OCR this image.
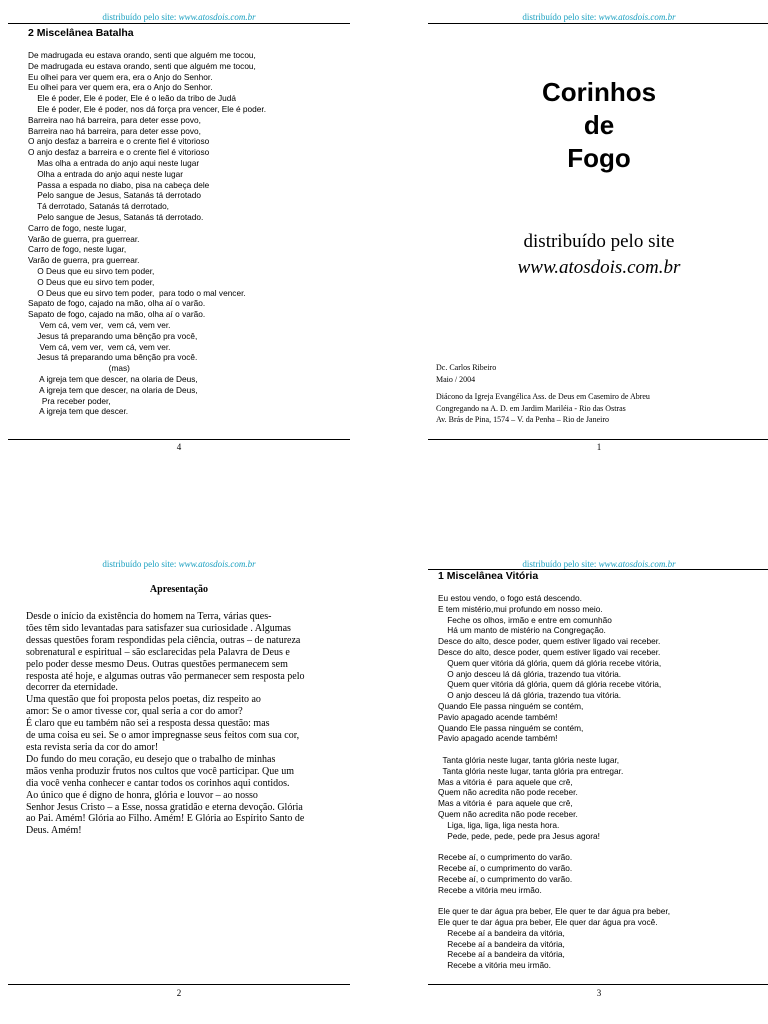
distribuído pelo site: www.atosdois.com.br
2 Miscelânea Batalha
De madrugada eu estava orando, senti que alguém me tocou,
De madrugada eu estava orando, senti que alguém me tocou,
Eu olhei para ver quem era, era o Anjo do Senhor.
Eu olhei para ver quem era, era o Anjo do Senhor.
Ele é poder, Ele é poder, Ele é o leão da tribo de Judá
Ele é poder, Ele é poder, nos dá força pra vencer, Ele é poder.
Barreira nao há barreira, para deter esse povo,
Barreira nao há barreira, para deter esse povo,
O anjo desfaz a barreira e o crente fiel é vitorioso
O anjo desfaz a barreira e o crente fiel é vitorioso
Mas olha a entrada do anjo aqui neste lugar
Olha a entrada do anjo aqui neste lugar
Passa a espada no diabo, pisa na cabeça dele
Pelo sangue de Jesus, Satanás tá derrotado
Tá derrotado, Satanás tá derrotado,
Pelo sangue de Jesus, Satanás tá derrotado.
Carro de fogo, neste lugar,
Varão de guerra, pra guerrear.
Carro de fogo, neste lugar,
Varão de guerra, pra guerrear.
O Deus que eu sirvo tem poder,
O Deus que eu sirvo tem poder,
O Deus que eu sirvo tem poder,  para todo o mal vencer.
Sapato de fogo, cajado na mão, olha aí o varão.
Sapato de fogo, cajado na mão, olha aí o varão.
Vem cá, vem ver,  vem cá, vem ver.
Jesus tá preparando uma bênção pra você,
Vem cá, vem ver,  vem cá, vem ver.
Jesus tá preparando uma bênção pra você.
(mas)
A igreja tem que descer, na olaria de Deus,
A igreja tem que descer, na olaria de Deus,
Pra receber poder,
A igreja tem que descer.
4
distribuído pelo site: www.atosdois.com.br
Corinhos
de
Fogo
distribuído pelo site
www.atosdois.com.br
Dc. Carlos Ribeiro
Maio / 2004
Diácono da Igreja Evangélica Ass. de Deus em Casemiro de Abreu
Congregando na A. D. em Jardim Mariléia - Rio das Ostras
Av. Brás de Pina, 1574 – V. da Penha – Rio de Janeiro
1
distribuído pelo site: www.atosdois.com.br
Apresentação
Desde o início da existência do homem na Terra, várias ques-
tões têm sido levantadas para satisfazer sua curiosidade . Algumas
dessas questões foram respondidas pela ciência, outras – de natureza
sobrenatural e espiritual – são esclarecidas pela Palavra de Deus e
pelo poder desse mesmo Deus. Outras questões permanecem sem
resposta até hoje, e algumas outras vão permanecer sem resposta pelo
decorrer da eternidade.
Uma questão que foi proposta pelos poetas, diz respeito ao
amor: Se o amor tivesse cor, qual seria a cor do amor?
É claro que eu também não sei a resposta dessa questão: mas
de uma coisa eu sei. Se o amor impregnasse seus feitos com sua cor,
esta revista seria da cor do amor!
Do fundo do meu coração, eu desejo que o trabalho de minhas
mãos venha produzir frutos nos cultos que você participar. Que um
dia você venha conhecer e cantar todos os corinhos aqui contidos.
Ao único que é digno de honra, glória e louvor – ao nosso
Senhor Jesus Cristo – a Esse, nossa gratidão e eterna devoção. Glória
ao Pai. Amém! Glória ao Filho. Amém! E Glória ao Espírito Santo de
Deus. Amém!
2
distribuído pelo site: www.atosdois.com.br
1 Miscelânea Vitória
Eu estou vendo, o fogo está descendo.
E tem mistério,mui profundo em nosso meio.
Feche os olhos, irmão e entre em comunhão
Há um manto de mistério na Congregação.
Desce do alto, desce poder, quem estiver ligado vai receber.
Desce do alto, desce poder, quem estiver ligado vai receber.
Quem quer vitória dá glória, quem dá glória recebe vitória,
O anjo desceu lá dá glória, trazendo tua vitória.
Quem quer vitória dá glória, quem dá glória recebe vitória,
O anjo desceu lá dá glória, trazendo tua vitória.
Quando Ele passa ninguém se contém,
Pavio apagado acende também!
Quando Ele passa ninguém se contém,
Pavio apagado acende também!
Tanta glória neste lugar, tanta glória neste lugar,
Tanta glória neste lugar, tanta glória pra entregar.
Mas a vitória é  para aquele que crê,
Quem não acredita não pode receber.
Mas a vitória é  para aquele que crê,
Quem não acredita não pode receber.
Liga, liga, liga, liga nesta hora.
Pede, pede, pede, pede pra Jesus agora!
Recebe aí, o cumprimento do varão.
Recebe aí, o cumprimento do varão.
Recebe aí, o cumprimento do varão.
Recebe a vitória meu irmão.
Ele quer te dar água pra beber, Ele quer te dar água pra beber,
Ele quer te dar água pra beber, Ele quer dar água pra você.
Recebe aí a bandeira da vitória,
Recebe aí a bandeira da vitória,
Recebe aí a bandeira da vitória,
Recebe a vitória meu irmão.
3
